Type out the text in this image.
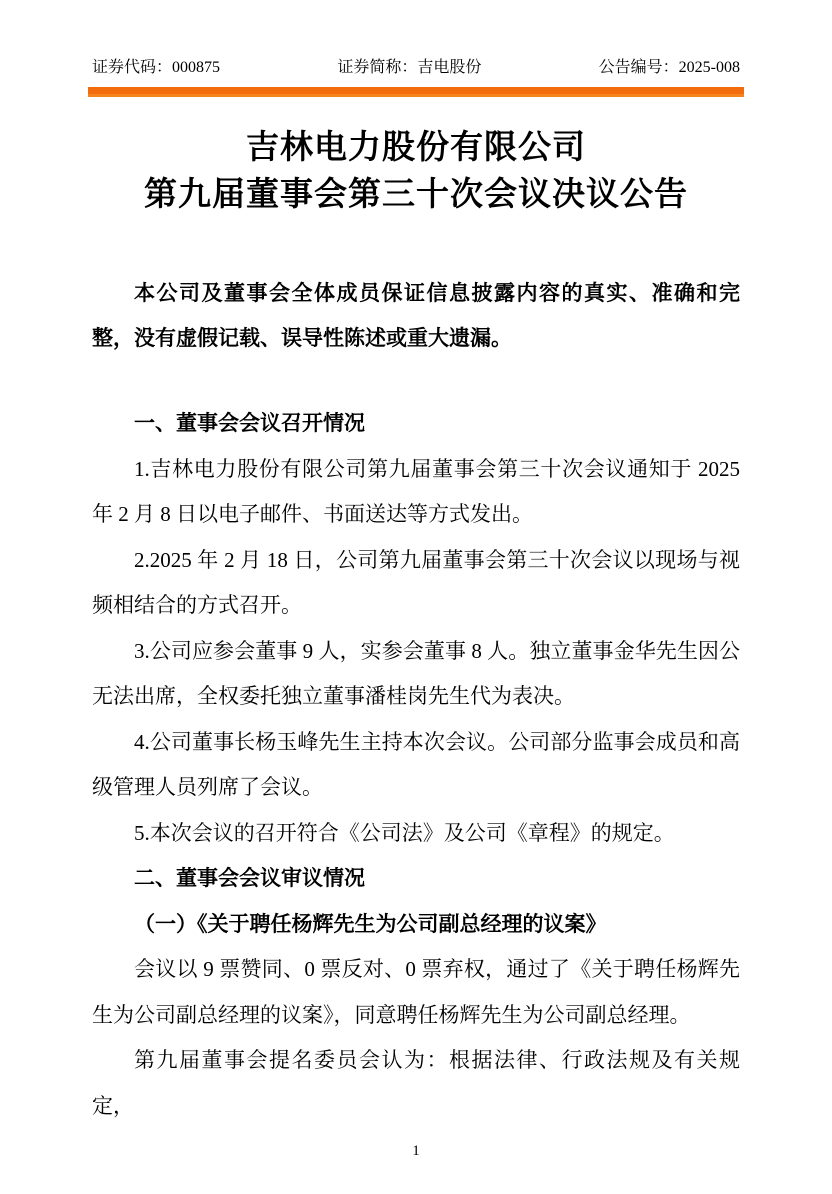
证券代码：000875	证券简称：吉电股份	公告编号：2025-008
吉林电力股份有限公司
第九届董事会第三十次会议决议公告

本公司及董事会全体成员保证信息披露内容的真实、准确和完整，没有虚假记载、误导性陈述或重大遗漏。

一、董事会会议召开情况

1.吉林电力股份有限公司第九届董事会第三十次会议通知于 2025 年 2 月 8 日以电子邮件、书面送达等方式发出。

2.2025 年 2 月 18 日，公司第九届董事会第三十次会议以现场与视频相结合的方式召开。

3.公司应参会董事 9 人，实参会董事 8 人。独立董事金华先生因公无法出席，全权委托独立董事潘桂岗先生代为表决。

4.公司董事长杨玉峰先生主持本次会议。公司部分监事会成员和高级管理人员列席了会议。

5.本次会议的召开符合《公司法》及公司《章程》的规定。

二、董事会会议审议情况

（一）《关于聘任杨辉先生为公司副总经理的议案》

会议以 9 票赞同、0 票反对、0 票弃权，通过了《关于聘任杨辉先生为公司副总经理的议案》，同意聘任杨辉先生为公司副总经理。

第九届董事会提名委员会认为：根据法律、行政法规及有关规定，

1
